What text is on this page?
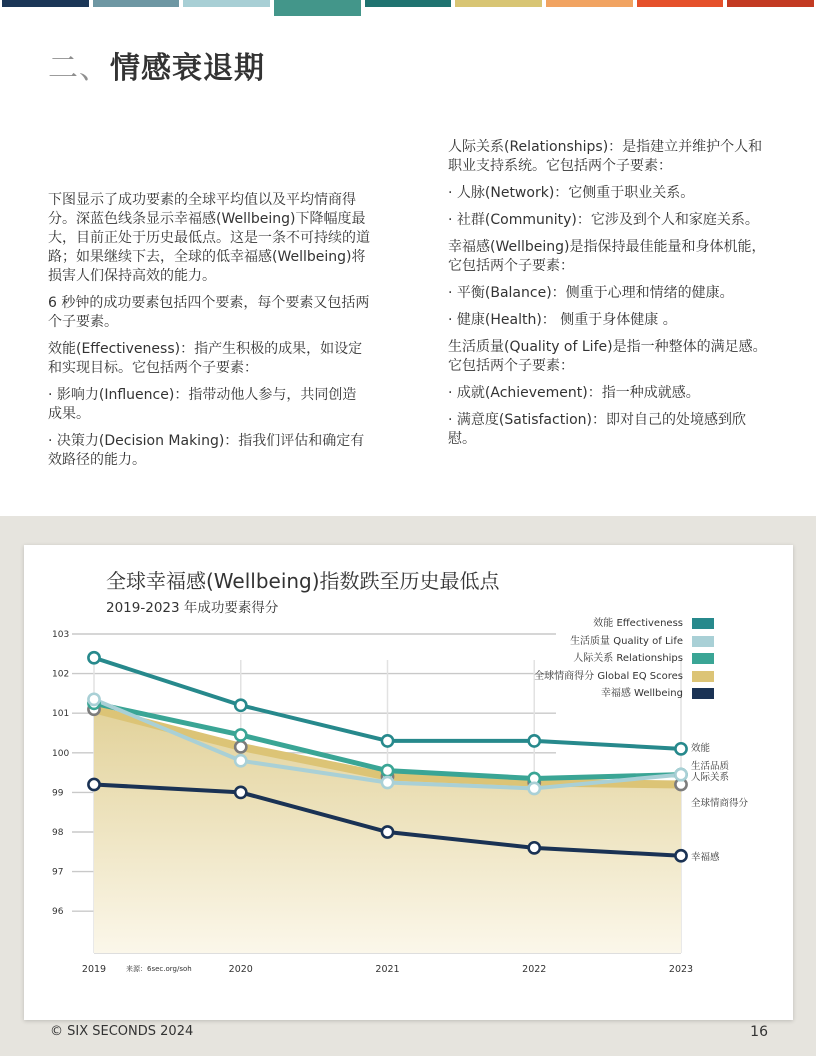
二、情感衰退期

下图显示了成功要素的全球平均值以及平均情商得分。深蓝色线条显示幸福感(Wellbeing)下降幅度最大，目前正处于历史最低点。这是一条不可持续的道路；如果继续下去，全球的低幸福感(Wellbeing)将损害人们保持高效的能力。

6 秒钟的成功要素包括四个要素，每个要素又包括两个子要素。

效能(Effectiveness)：指产生积极的成果，如设定和实现目标。它包括两个子要素：

· 影响力(Influence)：指带动他人参与，共同创造成果。

· 决策力(Decision Making)：指我们评估和确定有效路径的能力。

人际关系(Relationships)：是指建立并维护个人和职业支持系统。它包括两个子要素：

· 人脉(Network)：它侧重于职业关系。

· 社群(Community)：它涉及到个人和家庭关系。

幸福感(Wellbeing)是指保持最佳能量和身体机能，它包括两个子要素：

· 平衡(Balance)：侧重于心理和情绪的健康。

· 健康(Health)： 侧重于身体健康 。

生活质量(Quality of Life)是指一种整体的满足感。它包括两个子要素：

· 成就(Achievement)：指一种成就感。

· 满意度(Satisfaction)：即对自己的处境感到欣慰。

全球幸福感(Wellbeing)指数跌至历史最低点
2019-2023 年成功要素得分
96
97
98
99
100
101
102
103
2019	2020	2021	2022	2023
来源：6sec.org/soh
效能
生活品质
人际关系
全球情商得分
幸福感
效能 Effectiveness
生活质量 Quality of Life
人际关系 Relationships
全球情商得分 Global EQ Scores
幸福感 Wellbeing
© SIX SECONDS 2024	16
